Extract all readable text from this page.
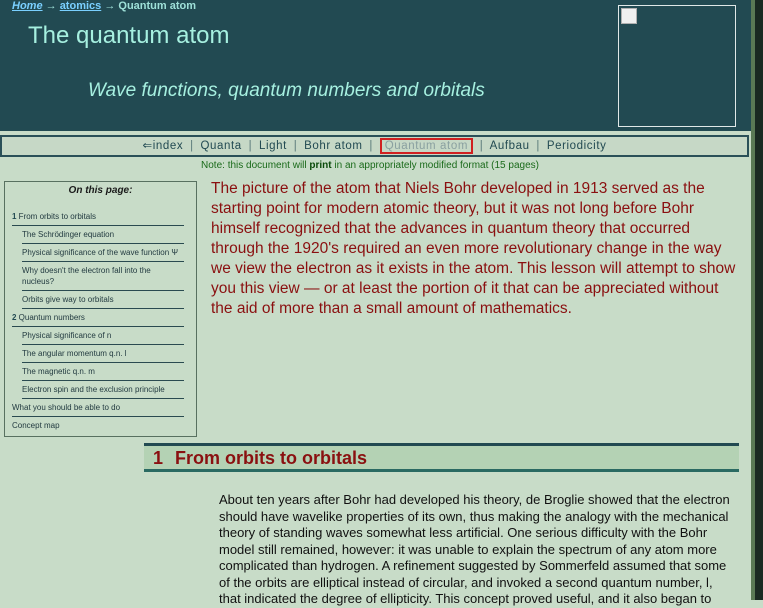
Home → atomics → Quantum atom
The quantum atom
Wave functions, quantum numbers and orbitals
⇐index | Quanta | Light | Bohr atom | Quantum atom | Aufbau | Periodicity
Note: this document will print in an appropriately modified format (15 pages)
On this page:
1 From orbits to orbitals
The Schrödinger equation
Physical significance of the wave function Ψ
Why doesn't the electron fall into the nucleus?
Orbits give way to orbitals
2 Quantum numbers
Physical significance of n
The angular momentum q.n. l
The magnetic q.n. m
Electron spin and the exclusion principle
What you should be able to do
Concept map
The picture of the atom that Niels Bohr developed in 1913 served as the starting point for modern atomic theory, but it was not long before Bohr himself recognized that the advances in quantum theory that occurred through the 1920's required an even more revolutionary change in the way we view the electron as it exists in the atom. This lesson will attempt to show you this view — or at least the portion of it that can be appreciated without the aid of more than a small amount of mathematics.
1 From orbits to orbitals
About ten years after Bohr had developed his theory, de Broglie showed that the electron should have wavelike properties of its own, thus making the analogy with the mechanical theory of standing waves somewhat less artificial. One serious difficulty with the Bohr model still remained, however: it was unable to explain the spectrum of any atom more complicated than hydrogen. A refinement suggested by Sommerfeld assumed that some of the orbits are elliptical instead of circular, and invoked a second quantum number, l, that indicated the degree of ellipticity. This concept proved useful, and it also began to
